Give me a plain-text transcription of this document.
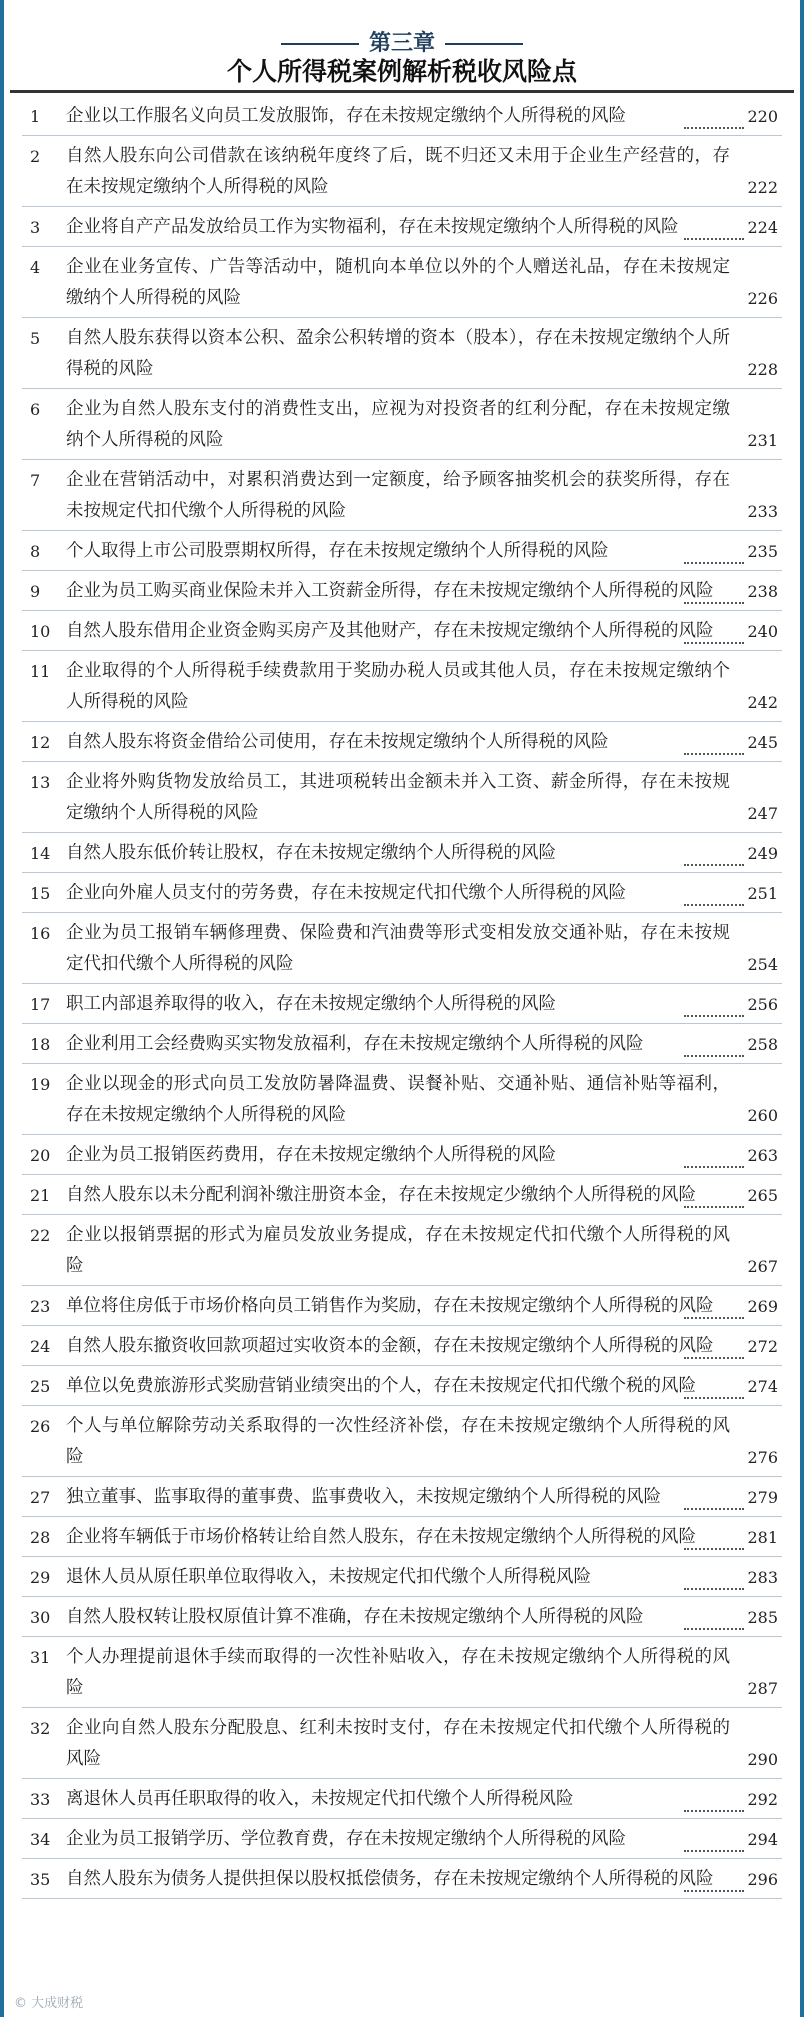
第三章
个人所得税案例解析税收风险点
1 企业以工作服名义向员工发放服饰，存在未按规定缴纳个人所得税的风险	220
2 自然人股东向公司借款在该纳税年度终了后，既不归还又未用于企业生产经营的，存在未按规定缴纳个人所得税的风险	222
3 企业将自产产品发放给员工作为实物福利，存在未按规定缴纳个人所得税的风险	224
4 企业在业务宣传、广告等活动中，随机向本单位以外的个人赠送礼品，存在未按规定缴纳个人所得税的风险	226
5 自然人股东获得以资本公积、盈余公积转增的资本（股本），存在未按规定缴纳个人所得税的风险	228
6 企业为自然人股东支付的消费性支出，应视为对投资者的红利分配，存在未按规定缴纳个人所得税的风险	231
7 企业在营销活动中，对累积消费达到一定额度，给予顾客抽奖机会的获奖所得，存在未按规定代扣代缴个人所得税的风险	233
8 个人取得上市公司股票期权所得，存在未按规定缴纳个人所得税的风险	235
9 企业为员工购买商业保险未并入工资薪金所得，存在未按规定缴纳个人所得税的风险	238
10 自然人股东借用企业资金购买房产及其他财产，存在未按规定缴纳个人所得税的风险	240
11 企业取得的个人所得税手续费款用于奖励办税人员或其他人员，存在未按规定缴纳个人所得税的风险	242
12 自然人股东将资金借给公司使用，存在未按规定缴纳个人所得税的风险	245
13 企业将外购货物发放给员工，其进项税转出金额未并入工资、薪金所得，存在未按规定缴纳个人所得税的风险	247
14 自然人股东低价转让股权，存在未按规定缴纳个人所得税的风险	249
15 企业向外雇人员支付的劳务费，存在未按规定代扣代缴个人所得税的风险	251
16 企业为员工报销车辆修理费、保险费和汽油费等形式变相发放交通补贴，存在未按规定代扣代缴个人所得税的风险	254
17 职工内部退养取得的收入，存在未按规定缴纳个人所得税的风险	256
18 企业利用工会经费购买实物发放福利，存在未按规定缴纳个人所得税的风险	258
19 企业以现金的形式向员工发放防暑降温费、误餐补贴、交通补贴、通信补贴等福利，存在未按规定缴纳个人所得税的风险	260
20 企业为员工报销医药费用，存在未按规定缴纳个人所得税的风险	263
21 自然人股东以未分配利润补缴注册资本金，存在未按规定少缴纳个人所得税的风险	265
22 企业以报销票据的形式为雇员发放业务提成，存在未按规定代扣代缴个人所得税的风险	267
23 单位将住房低于市场价格向员工销售作为奖励，存在未按规定缴纳个人所得税的风险	269
24 自然人股东撤资收回款项超过实收资本的金额，存在未按规定缴纳个人所得税的风险	272
25 单位以免费旅游形式奖励营销业绩突出的个人，存在未按规定代扣代缴个税的风险	274
26 个人与单位解除劳动关系取得的一次性经济补偿，存在未按规定缴纳个人所得税的风险	276
27 独立董事、监事取得的董事费、监事费收入，未按规定缴纳个人所得税的风险	279
28 企业将车辆低于市场价格转让给自然人股东，存在未按规定缴纳个人所得税的风险	281
29 退休人员从原任职单位取得收入，未按规定代扣代缴个人所得税风险	283
30 自然人股权转让股权原值计算不准确，存在未按规定缴纳个人所得税的风险	285
31 个人办理提前退休手续而取得的一次性补贴收入，存在未按规定缴纳个人所得税的风险	287
32 企业向自然人股东分配股息、红利未按时支付，存在未按规定代扣代缴个人所得税的风险	290
33 离退休人员再任职取得的收入，未按规定代扣代缴个人所得税风险	292
34 企业为员工报销学历、学位教育费，存在未按规定缴纳个人所得税的风险	294
35 自然人股东为债务人提供担保以股权抵偿债务，存在未按规定缴纳个人所得税的风险	296
© 大成财税
